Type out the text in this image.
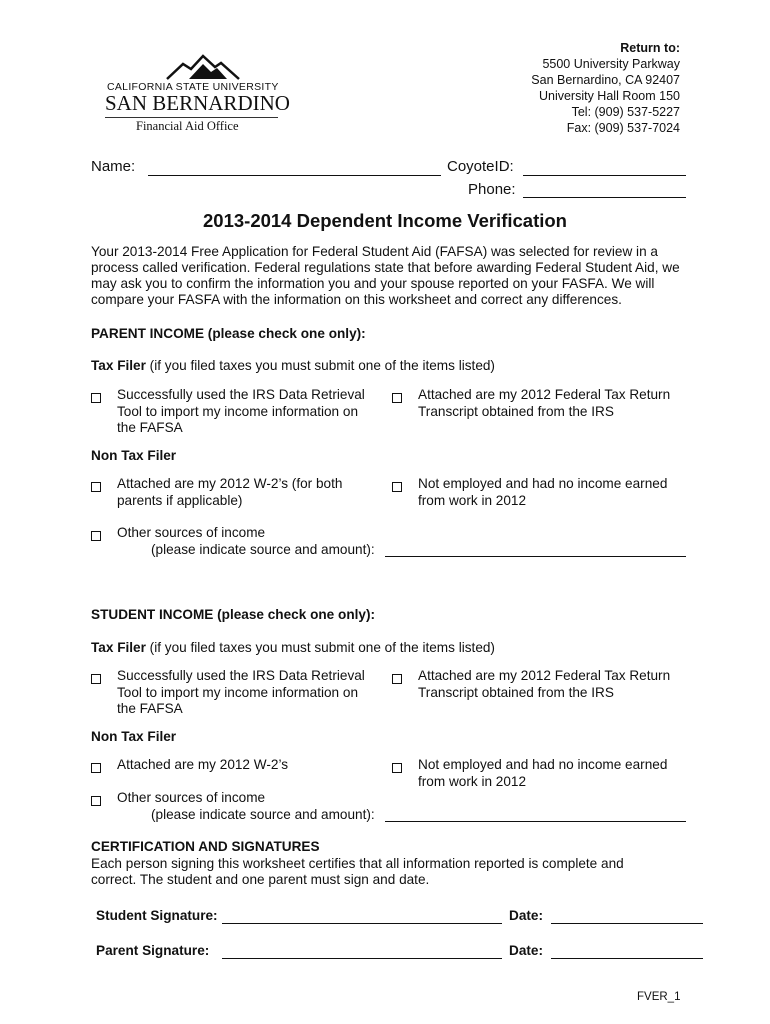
CALIFORNIA STATE UNIVERSITY
SAN BERNARDINO
Financial Aid Office
Return to:
5500 University Parkway
San Bernardino, CA 92407
University Hall Room 150
Tel: (909) 537-5227
Fax: (909) 537-7024
Name:	CoyoteID:
Phone:
2013-2014 Dependent Income Verification
Your 2013-2014 Free Application for Federal Student Aid (FAFSA) was selected for review in a process called verification. Federal regulations state that before awarding Federal Student Aid, we may ask you to confirm the information you and your spouse reported on your FASFA. We will compare your FASFA with the information on this worksheet and correct any differences.
PARENT INCOME (please check one only):
Tax Filer (if you filed taxes you must submit one of the items listed)
Successfully used the IRS Data Retrieval Tool to import my income information on the FAFSA
Attached are my 2012 Federal Tax Return Transcript obtained from the IRS
Non Tax Filer
Attached are my 2012 W-2’s (for both parents if applicable)
Not employed and had no income earned from work in 2012
Other sources of income
(please indicate source and amount):
STUDENT INCOME (please check one only):
Tax Filer (if you filed taxes you must submit one of the items listed)
Successfully used the IRS Data Retrieval Tool to import my income information on the FAFSA
Attached are my 2012 Federal Tax Return Transcript obtained from the IRS
Non Tax Filer
Attached are my 2012 W-2’s	Not employed and had no income earned from work in 2012
Other sources of income
(please indicate source and amount):
CERTIFICATION AND SIGNATURES
Each person signing this worksheet certifies that all information reported is complete and correct. The student and one parent must sign and date.
Student Signature:	Date:
Parent Signature:	Date:
FVER_1
